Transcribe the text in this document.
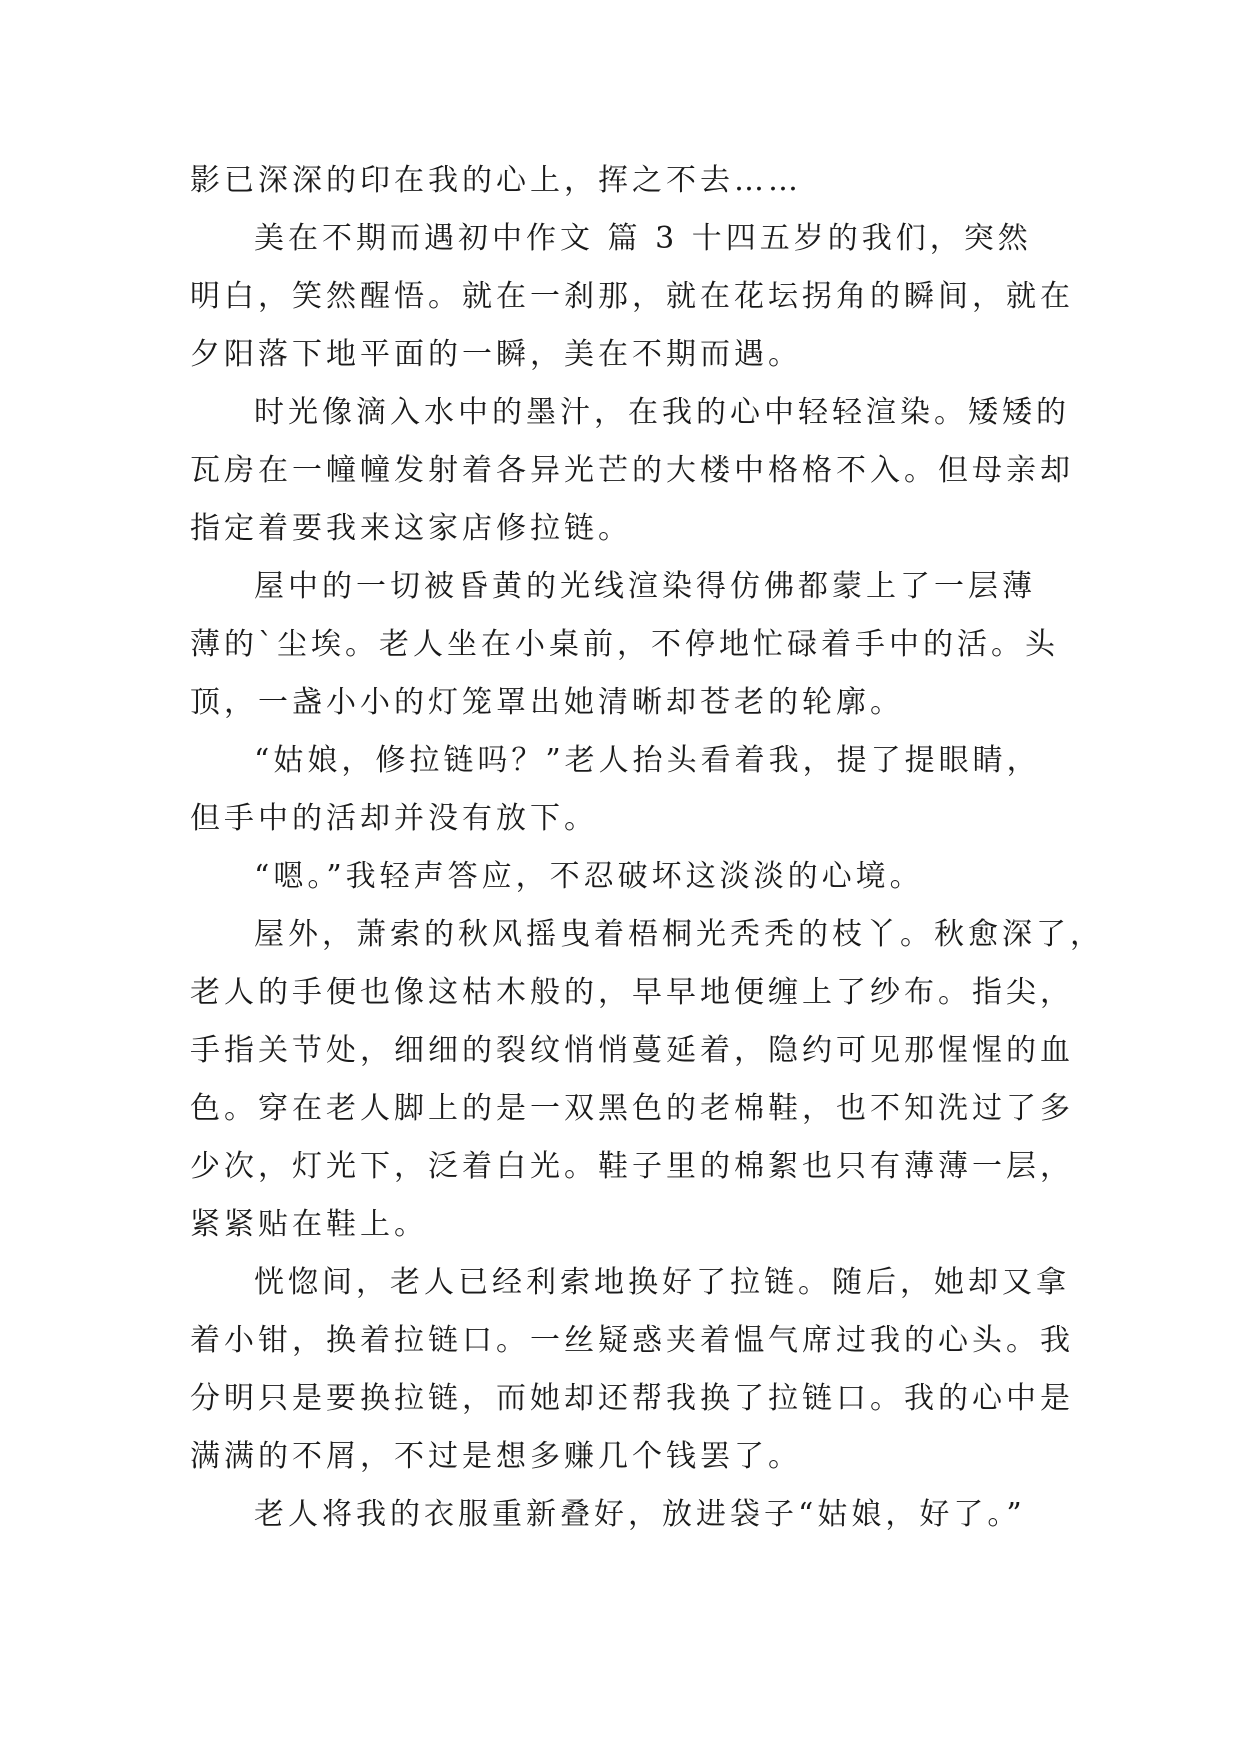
影已深深的印在我的心上，挥之不去……
美在不期而遇初中作文 篇 3 十四五岁的我们，突然
明白，笑然醒悟。就在一刹那，就在花坛拐角的瞬间，就在
夕阳落下地平面的一瞬，美在不期而遇。
时光像滴入水中的墨汁，在我的心中轻轻渲染。矮矮的
瓦房在一幢幢发射着各异光芒的大楼中格格不入。但母亲却
指定着要我来这家店修拉链。
屋中的一切被昏黄的光线渲染得仿佛都蒙上了一层薄
薄的`尘埃。老人坐在小桌前，不停地忙碌着手中的活。头
顶，一盏小小的灯笼罩出她清晰却苍老的轮廓。
“姑娘，修拉链吗？”老人抬头看着我，提了提眼睛，
但手中的活却并没有放下。
“嗯。”我轻声答应，不忍破坏这淡淡的心境。
屋外，萧索的秋风摇曳着梧桐光秃秃的枝丫。秋愈深了，
老人的手便也像这枯木般的，早早地便缠上了纱布。指尖，
手指关节处，细细的裂纹悄悄蔓延着，隐约可见那惺惺的血
色。穿在老人脚上的是一双黑色的老棉鞋，也不知洗过了多
少次，灯光下，泛着白光。鞋子里的棉絮也只有薄薄一层，
紧紧贴在鞋上。
恍惚间，老人已经利索地换好了拉链。随后，她却又拿
着小钳，换着拉链口。一丝疑惑夹着愠气席过我的心头。我
分明只是要换拉链，而她却还帮我换了拉链口。我的心中是
满满的不屑，不过是想多赚几个钱罢了。
老人将我的衣服重新叠好，放进袋子“姑娘，好了。”
